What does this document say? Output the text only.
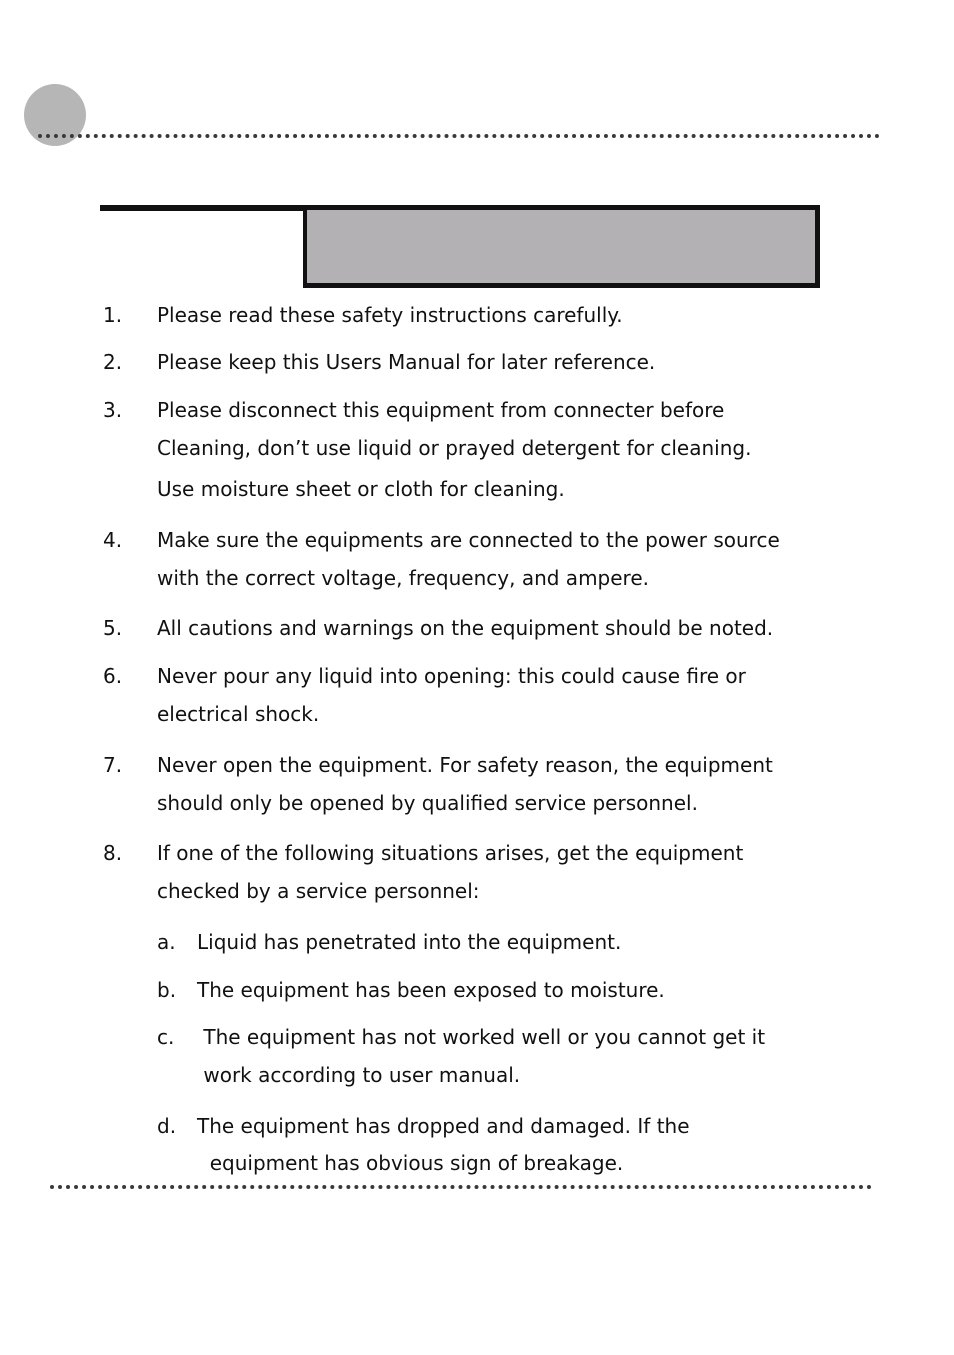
1. Please read these safety instructions carefully.
2. Please keep this Users Manual for later reference.
3. Please disconnect this equipment from connecter before
Cleaning, don’t use liquid or prayed detergent for cleaning.
Use moisture sheet or cloth for cleaning.
4. Make sure the equipments are connected to the power source
with the correct voltage, frequency, and ampere.
5. All cautions and warnings on the equipment should be noted.
6. Never pour any liquid into opening: this could cause fire or
electrical shock.
7. Never open the equipment. For safety reason, the equipment
should only be opened by qualified service personnel.
8. If one of the following situations arises, get the equipment
checked by a service personnel:
a. Liquid has penetrated into the equipment.
b. The equipment has been exposed to moisture.
c. The equipment has not worked well or you cannot get it
work according to user manual.
d. The equipment has dropped and damaged. If the
equipment has obvious sign of breakage.
